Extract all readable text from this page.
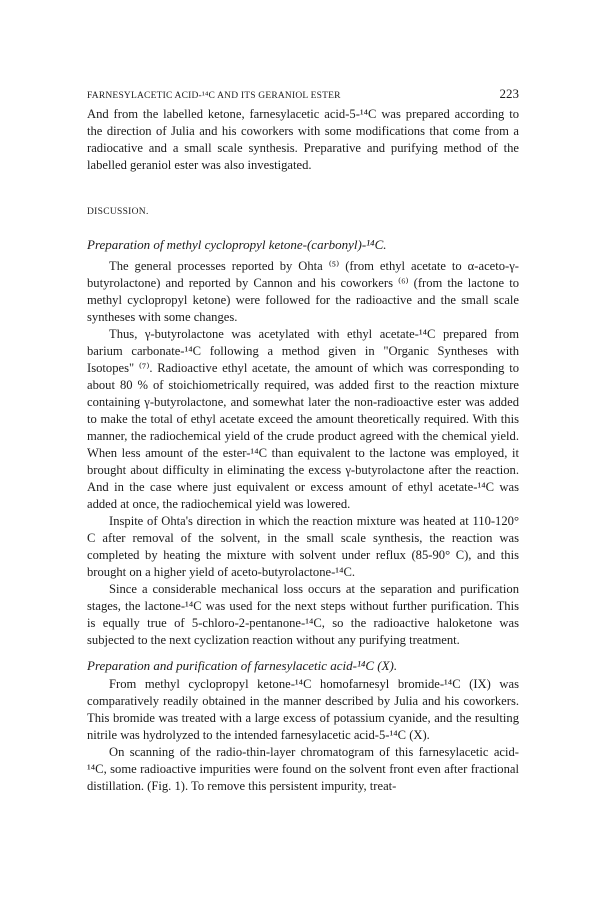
FARNESYLACETIC ACID-¹⁴C AND ITS GERANIOL ESTER	223

And from the labelled ketone, farnesylacetic acid-5-¹⁴C was prepared according to the direction of Julia and his coworkers with some modifications that come from a radiocative and a small scale synthesis. Preparative and purifying method of the labelled geraniol ester was also investigated.

DISCUSSION.

Preparation of methyl cyclopropyl ketone-(carbonyl)-¹⁴C.

The general processes reported by Ohta ⁽⁵⁾ (from ethyl acetate to α-aceto-γ-butyrolactone) and reported by Cannon and his coworkers ⁽⁶⁾ (from the lactone to methyl cyclopropyl ketone) were followed for the radioactive and the small scale syntheses with some changes.

Thus, γ-butyrolactone was acetylated with ethyl acetate-¹⁴C prepared from barium carbonate-¹⁴C following a method given in "Organic Syntheses with Isotopes" ⁽⁷⁾. Radioactive ethyl acetate, the amount of which was corresponding to about 80 % of stoichiometrically required, was added first to the reaction mixture containing γ-butyrolactone, and somewhat later the non-radioactive ester was added to make the total of ethyl acetate exceed the amount theoretically required. With this manner, the radiochemical yield of the crude product agreed with the chemical yield. When less amount of the ester-¹⁴C than equivalent to the lactone was employed, it brought about difficulty in eliminating the excess γ-butyrolactone after the reaction. And in the case where just equivalent or excess amount of ethyl acetate-¹⁴C was added at once, the radiochemical yield was lowered.

Inspite of Ohta's direction in which the reaction mixture was heated at 110-120° C after removal of the solvent, in the small scale synthesis, the reaction was completed by heating the mixture with solvent under reflux (85-90° C), and this brought on a higher yield of aceto-butyrolactone-¹⁴C.

Since a considerable mechanical loss occurs at the separation and purification stages, the lactone-¹⁴C was used for the next steps without further purification. This is equally true of 5-chloro-2-pentanone-¹⁴C, so the radioactive haloketone was subjected to the next cyclization reaction without any purifying treatment.

Preparation and purification of farnesylacetic acid-¹⁴C (X).

From methyl cyclopropyl ketone-¹⁴C homofarnesyl bromide-¹⁴C (IX) was comparatively readily obtained in the manner described by Julia and his coworkers. This bromide was treated with a large excess of potassium cyanide, and the resulting nitrile was hydrolyzed to the intended farnesylacetic acid-5-¹⁴C (X).

On scanning of the radio-thin-layer chromatogram of this farnesylacetic acid-¹⁴C, some radioactive impurities were found on the solvent front even after fractional distillation. (Fig. 1). To remove this persistent impurity, treat-
